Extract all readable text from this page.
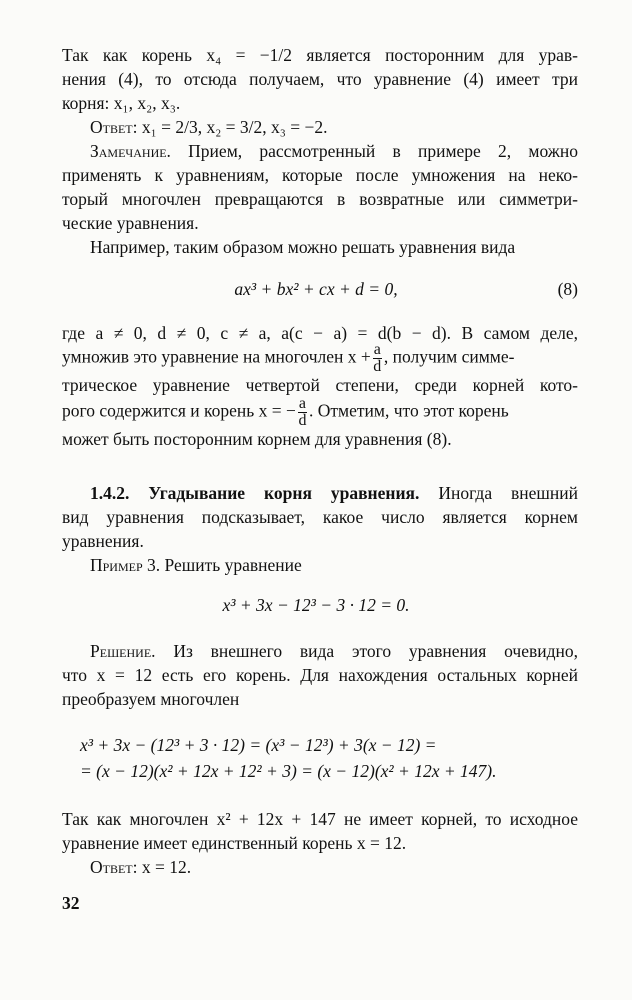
Так как корень x₄ = −1/2 является посторонним для урав-
нения (4), то отсюда получаем, что уравнение (4) имеет три
корня: x₁, x₂, x₃.
Ответ: x₁ = 2/3, x₂ = 3/2, x₃ = −2.
Замечание. Прием, рассмотренный в примере 2, можно
применять к уравнениям, которые после умножения на неко-
торый многочлен превращаются в возвратные или симметри-
ческие уравнения.
Например, таким образом можно решать уравнения вида
ax³ + bx² + cx + d = 0,	(8)
где a ≠ 0, d ≠ 0, c ≠ a, a(c − a) = d(b − d). В самом деле,
умножив это уравнение на многочлен $x + \frac{a}{d}$ , получим симме-
трическое уравнение четвертой степени, среди корней кото-
рого содержится и корень x = − $\frac{a}{d}$ . Отметим, что этот корень
может быть посторонним корнем для уравнения (8).
1.4.2. Угадывание корня уравнения. Иногда внешний
вид уравнения подсказывает, какое число является корнем
уравнения.
Пример 3. Решить уравнение
x³ + 3x − 12³ − 3 · 12 = 0.
Решение. Из внешнего вида этого уравнения очевидно,
что x = 12 есть его корень. Для нахождения остальных корней
преобразуем многочлен
x³ + 3x − (12³ + 3 · 12) = (x³ − 12³) + 3(x − 12) =
= (x − 12)(x² + 12x + 12² + 3) = (x − 12)(x² + 12x + 147).
Так как многочлен x² + 12x + 147 не имеет корней, то исходное
уравнение имеет единственный корень x = 12.
Ответ: x = 12.
32
